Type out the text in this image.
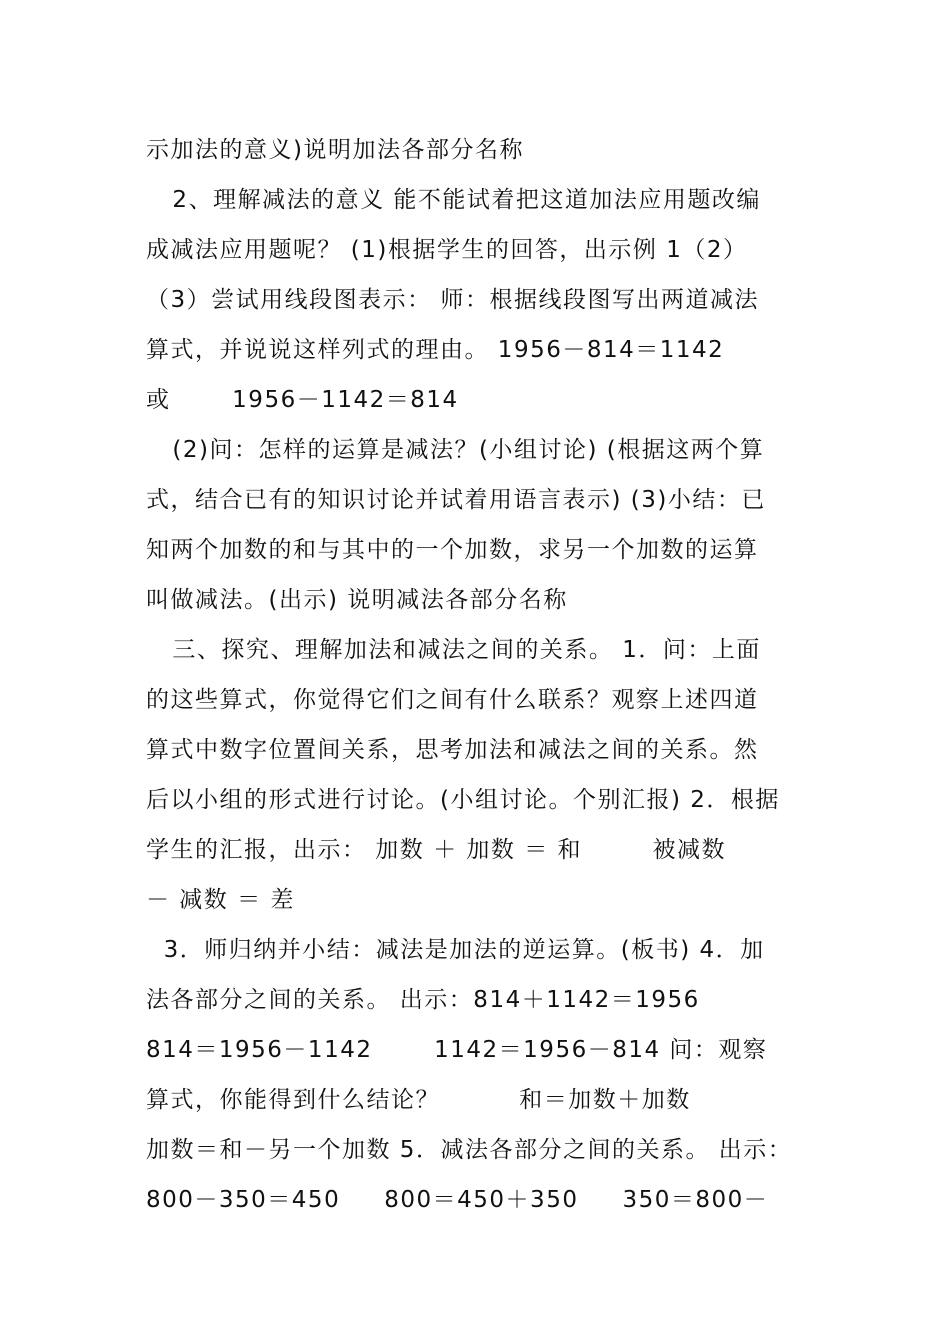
示加法的意义)说明加法各部分名称
2、理解减法的意义 能不能试着把这道加法应用题改编
成减法应用题呢？ (1)根据学生的回答，出示例 1（2）
（3）尝试用线段图表示： 师：根据线段图写出两道减法
算式，并说说这样列式的理由。 1956－814＝1142
或       1956－1142＝814
(2)问：怎样的运算是减法？(小组讨论) (根据这两个算
式，结合已有的知识讨论并试着用语言表示) (3)小结：已
知两个加数的和与其中的一个加数，求另一个加数的运算
叫做减法。(出示) 说明减法各部分名称
三、探究、理解加法和减法之间的关系。 1．问：上面
的这些算式，你觉得它们之间有什么联系？观察上述四道
算式中数字位置间关系，思考加法和减法之间的关系。然
后以小组的形式进行讨论。(小组讨论。个别汇报) 2．根据
学生的汇报，出示： 加数 ＋ 加数 ＝ 和        被减数
－ 减数 ＝ 差
3．师归纳并小结：减法是加法的逆运算。(板书) 4．加
法各部分之间的关系。 出示：814＋1142＝1956
814＝1956－1142       1142＝1956－814 问：观察
算式，你能得到什么结论？         和＝加数＋加数
加数＝和－另一个加数 5．减法各部分之间的关系。 出示：
800－350＝450     800＝450＋350     350＝800－
